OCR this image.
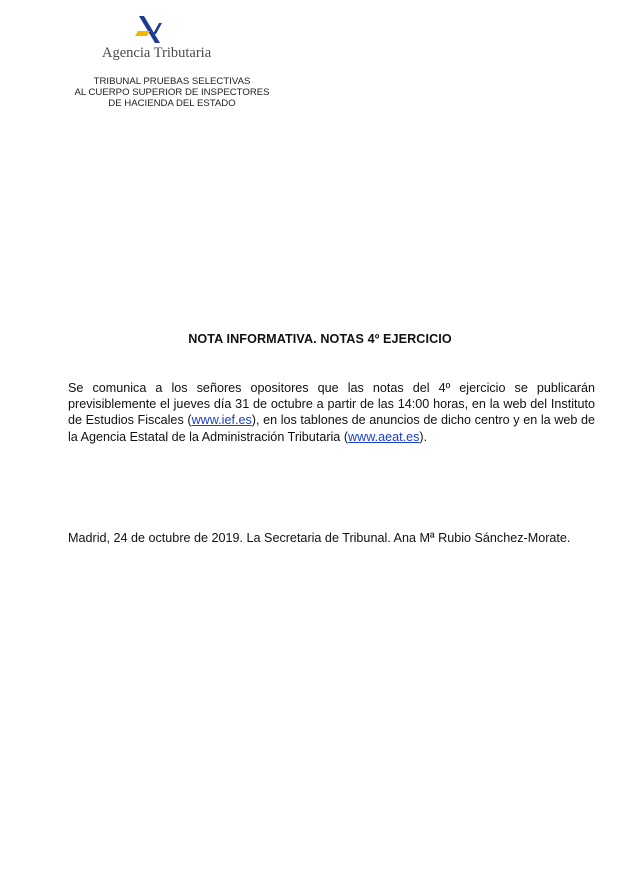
Agencia Tributaria
TRIBUNAL PRUEBAS SELECTIVAS
AL CUERPO SUPERIOR DE INSPECTORES
DE HACIENDA DEL ESTADO
NOTA INFORMATIVA. NOTAS 4º EJERCICIO

Se comunica a los señores opositores que las notas del 4º ejercicio se publicarán previsiblemente el jueves día 31 de octubre a partir de las 14:00 horas, en la web del Instituto de Estudios Fiscales (www.ief.es), en los tablones de anuncios de dicho centro y en la web de la Agencia Estatal de la Administración Tributaria (www.aeat.es).

Madrid, 24 de octubre de 2019. La Secretaria de Tribunal. Ana Mª Rubio Sánchez-Morate.
